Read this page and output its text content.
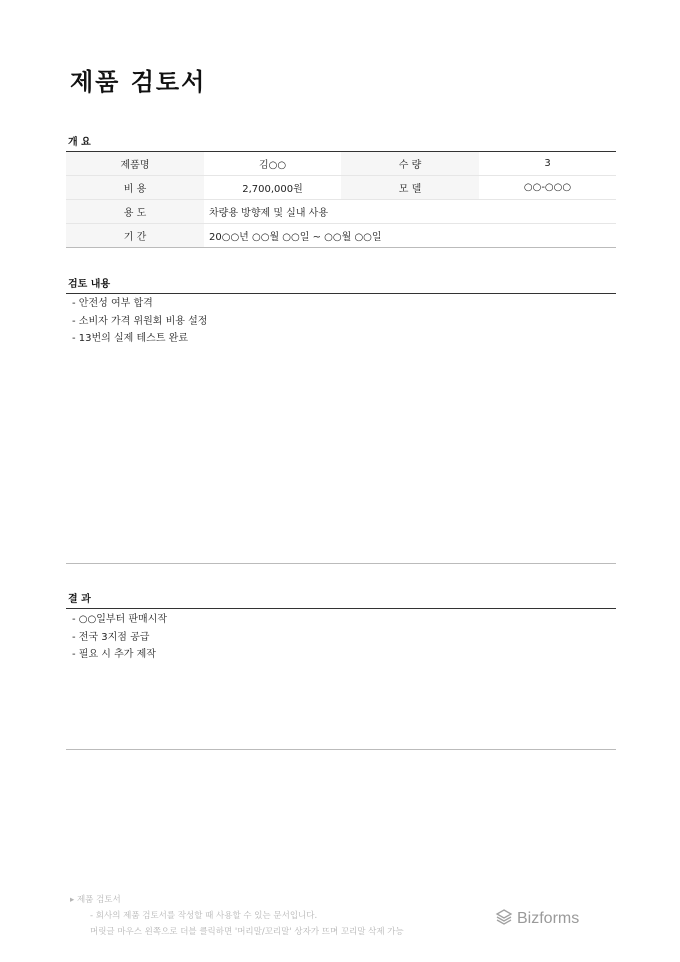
제품 검토서
개 요
제품명	김○○	수 량	3
비 용	2,700,000원	모 델	○○-○○○
용 도	차량용 방향제 및 실내 사용		
기 간	20○○년 ○○월 ○○일 ~ ○○월 ○○일		
검토 내용
- 안전성 여부 합격
- 소비자 가격 위원회 비용 설정
- 13번의 실제 테스트 완료
결 과
- ○○일부터 판매시작
- 전국 3지점 공급
- 필요 시 추가 제작
▸ 제품 검토서
- 회사의 제품 검토서를 작성할 때 사용할 수 있는 문서입니다.
머릿글 마우스 왼쪽으로 더블 클릭하면 '머리말/꼬리말' 상자가 뜨며 꼬리말 삭제 가능
Bizforms
